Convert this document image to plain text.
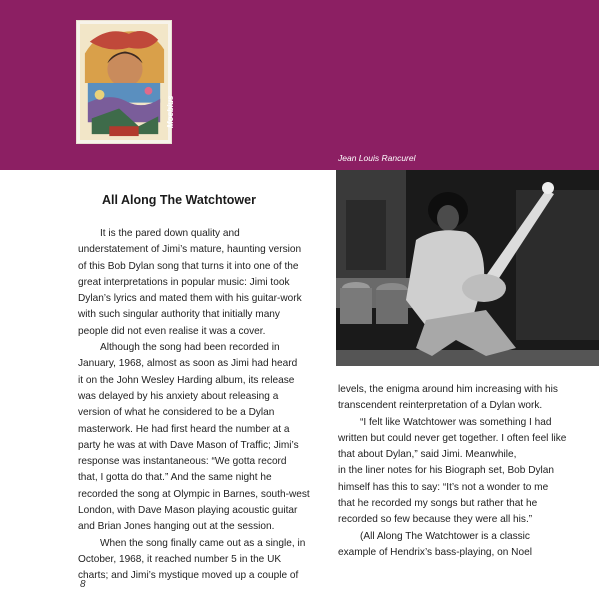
Moebius
Jean Louis Rancurel
All Along The Watchtower
It is the pared down quality and
understatement of Jimi’s mature, haunting version
of this Bob Dylan song that turns it into one of the
great interpretations in popular music: Jimi took
Dylan’s lyrics and mated them with his guitar-work
with such singular authority that initially many
people did not even realise it was a cover.
Although the song had been recorded in
January, 1968, almost as soon as Jimi had heard
it on the John Wesley Harding album, its release
was delayed by his anxiety about releasing a
version of what he considered to be a Dylan
masterwork. He had first heard the number at a
party he was at with Dave Mason of Traffic; Jimi’s
response was instantaneous: “We gotta record
that, I gotta do that.” And the same night he
recorded the song at Olympic in Barnes, south-west
London, with Dave Mason playing acoustic guitar
and Brian Jones hanging out at the session.
When the song finally came out as a single, in
October, 1968, it reached number 5 in the UK
charts; and Jimi’s mystique moved up a couple of
levels, the enigma around him increasing with his
transcendent reinterpretation of a Dylan work.
“I felt like Watchtower was something I had
written but could never get together. I often feel like
that about Dylan,” said Jimi. Meanwhile,
in the liner notes for his Biograph set, Bob Dylan
himself has this to say: “It’s not a wonder to me
that he recorded my songs but rather that he
recorded so few because they were all his.”
(All Along The Watchtower is a classic
example of Hendrix’s bass-playing, on Noel
8
